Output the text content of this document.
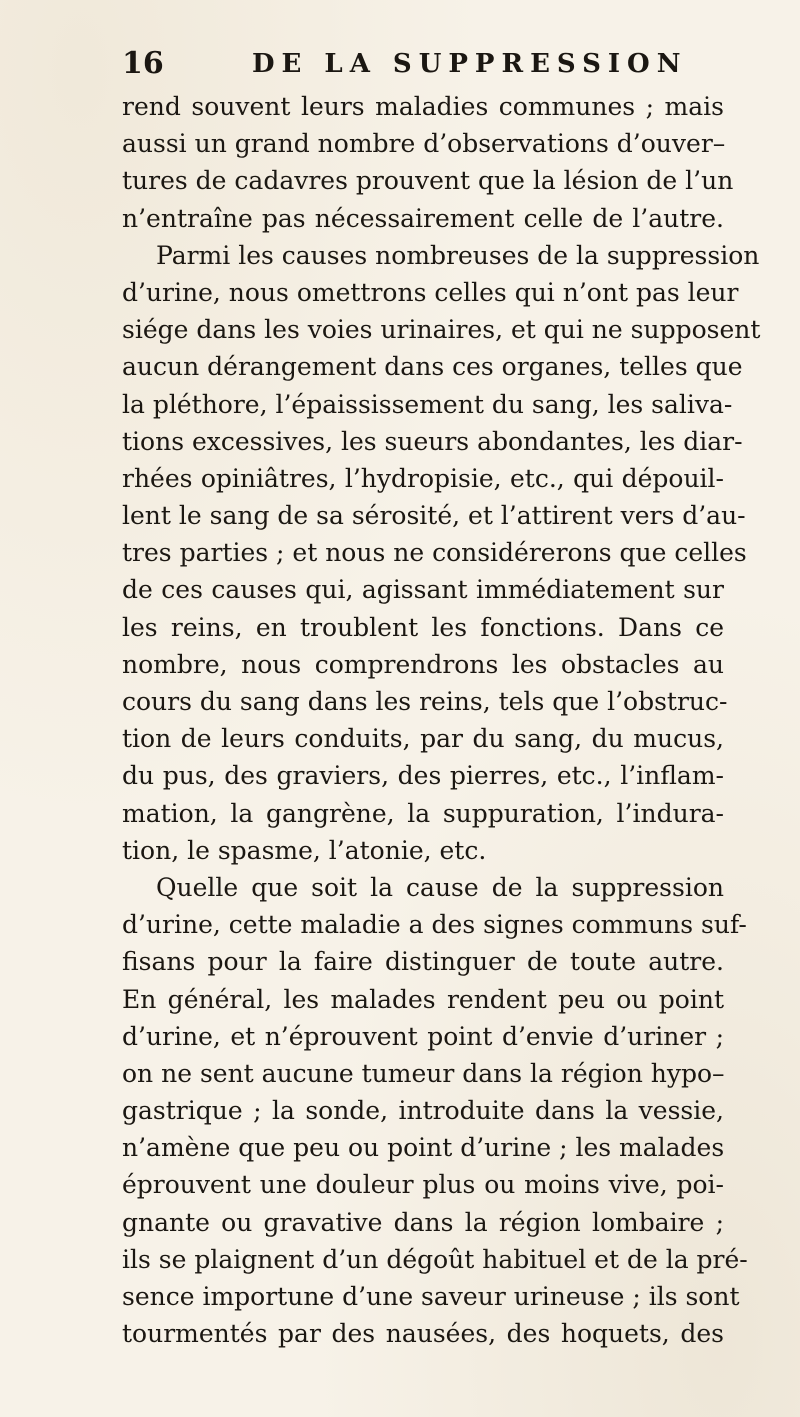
16	DE LA SUPPRESSION
rend souvent leurs maladies communes ; mais
aussi un grand nombre d’observations d’ouver–
tures de cadavres prouvent que la lésion de l’un
n’entraîne pas nécessairement celle de l’autre.
Parmi les causes nombreuses de la suppression
d’urine, nous omettrons celles qui n’ont pas leur
siége dans les voies urinaires, et qui ne supposent
aucun dérangement dans ces organes, telles que
la pléthore, l’épaississement du sang, les saliva-
tions excessives, les sueurs abondantes, les diar-
rhées opiniâtres, l’hydropisie, etc., qui dépouil-
lent le sang de sa sérosité, et l’attirent vers d’au-
tres parties ; et nous ne considérerons que celles
de ces causes qui, agissant immédiatement sur
les reins, en troublent les fonctions. Dans ce
nombre, nous comprendrons les obstacles au
cours du sang dans les reins, tels que l’obstruc-
tion de leurs conduits, par du sang, du mucus,
du pus, des graviers, des pierres, etc., l’inflam-
mation, la gangrène, la suppuration, l’indura-
tion, le spasme, l’atonie, etc.
Quelle que soit la cause de la suppression
d’urine, cette maladie a des signes communs suf-
fisans pour la faire distinguer de toute autre.
En général, les malades rendent peu ou point
d’urine, et n’éprouvent point d’envie d’uriner ;
on ne sent aucune tumeur dans la région hypo–
gastrique ; la sonde, introduite dans la vessie,
n’amène que peu ou point d’urine ; les malades
éprouvent une douleur plus ou moins vive, poi-
gnante ou gravative dans la région lombaire ;
ils se plaignent d’un dégoût habituel et de la pré-
sence importune d’une saveur urineuse ; ils sont
tourmentés par des nausées, des hoquets, des
